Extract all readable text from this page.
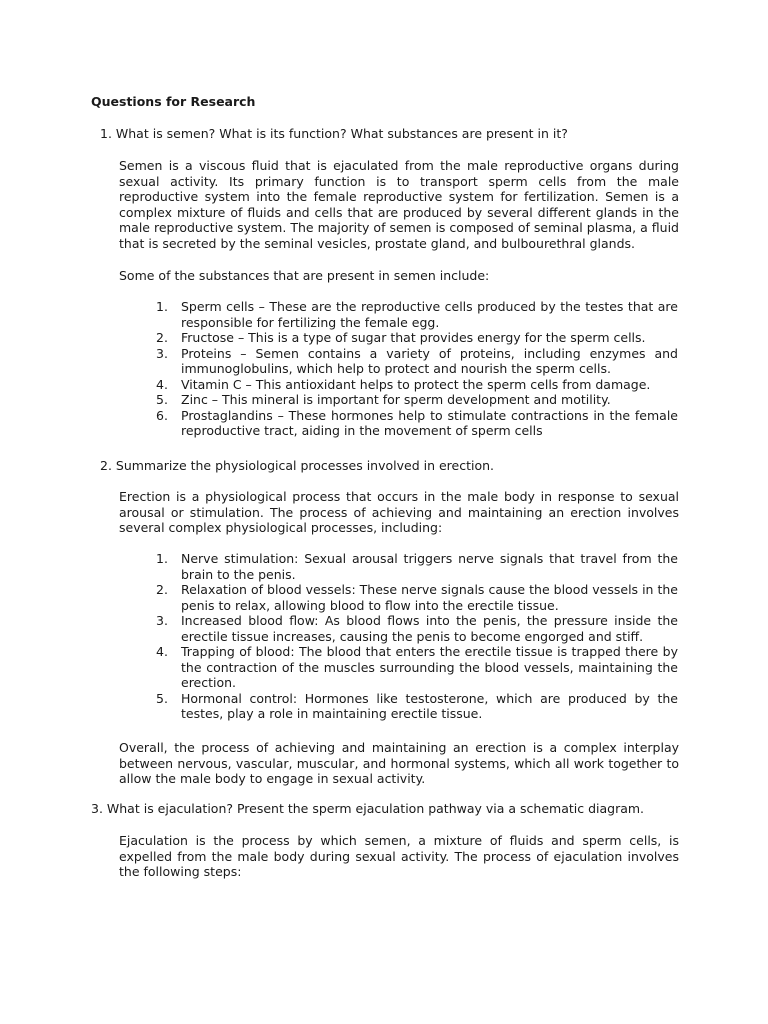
Questions for Research

1. What is semen? What is its function? What substances are present in it?

Semen is a viscous fluid that is ejaculated from the male reproductive organs during sexual activity. Its primary function is to transport sperm cells from the male reproductive system into the female reproductive system for fertilization. Semen is a complex mixture of fluids and cells that are produced by several different glands in the male reproductive system. The majority of semen is composed of seminal plasma, a fluid that is secreted by the seminal vesicles, prostate gland, and bulbourethral glands.

Some of the substances that are present in semen include:

1. Sperm cells – These are the reproductive cells produced by the testes that are responsible for fertilizing the female egg.
2. Fructose – This is a type of sugar that provides energy for the sperm cells.
3. Proteins – Semen contains a variety of proteins, including enzymes and immunoglobulins, which help to protect and nourish the sperm cells.
4. Vitamin C – This antioxidant helps to protect the sperm cells from damage.
5. Zinc – This mineral is important for sperm development and motility.
6. Prostaglandins – These hormones help to stimulate contractions in the female reproductive tract, aiding in the movement of sperm cells

2. Summarize the physiological processes involved in erection.

Erection is a physiological process that occurs in the male body in response to sexual arousal or stimulation. The process of achieving and maintaining an erection involves several complex physiological processes, including:

1. Nerve stimulation: Sexual arousal triggers nerve signals that travel from the brain to the penis.
2. Relaxation of blood vessels: These nerve signals cause the blood vessels in the penis to relax, allowing blood to flow into the erectile tissue.
3. Increased blood flow: As blood flows into the penis, the pressure inside the erectile tissue increases, causing the penis to become engorged and stiff.
4. Trapping of blood: The blood that enters the erectile tissue is trapped there by the contraction of the muscles surrounding the blood vessels, maintaining the erection.
5. Hormonal control: Hormones like testosterone, which are produced by the testes, play a role in maintaining erectile tissue.

Overall, the process of achieving and maintaining an erection is a complex interplay between nervous, vascular, muscular, and hormonal systems, which all work together to allow the male body to engage in sexual activity.

3. What is ejaculation? Present the sperm ejaculation pathway via a schematic diagram.

Ejaculation is the process by which semen, a mixture of fluids and sperm cells, is expelled from the male body during sexual activity. The process of ejaculation involves the following steps:
